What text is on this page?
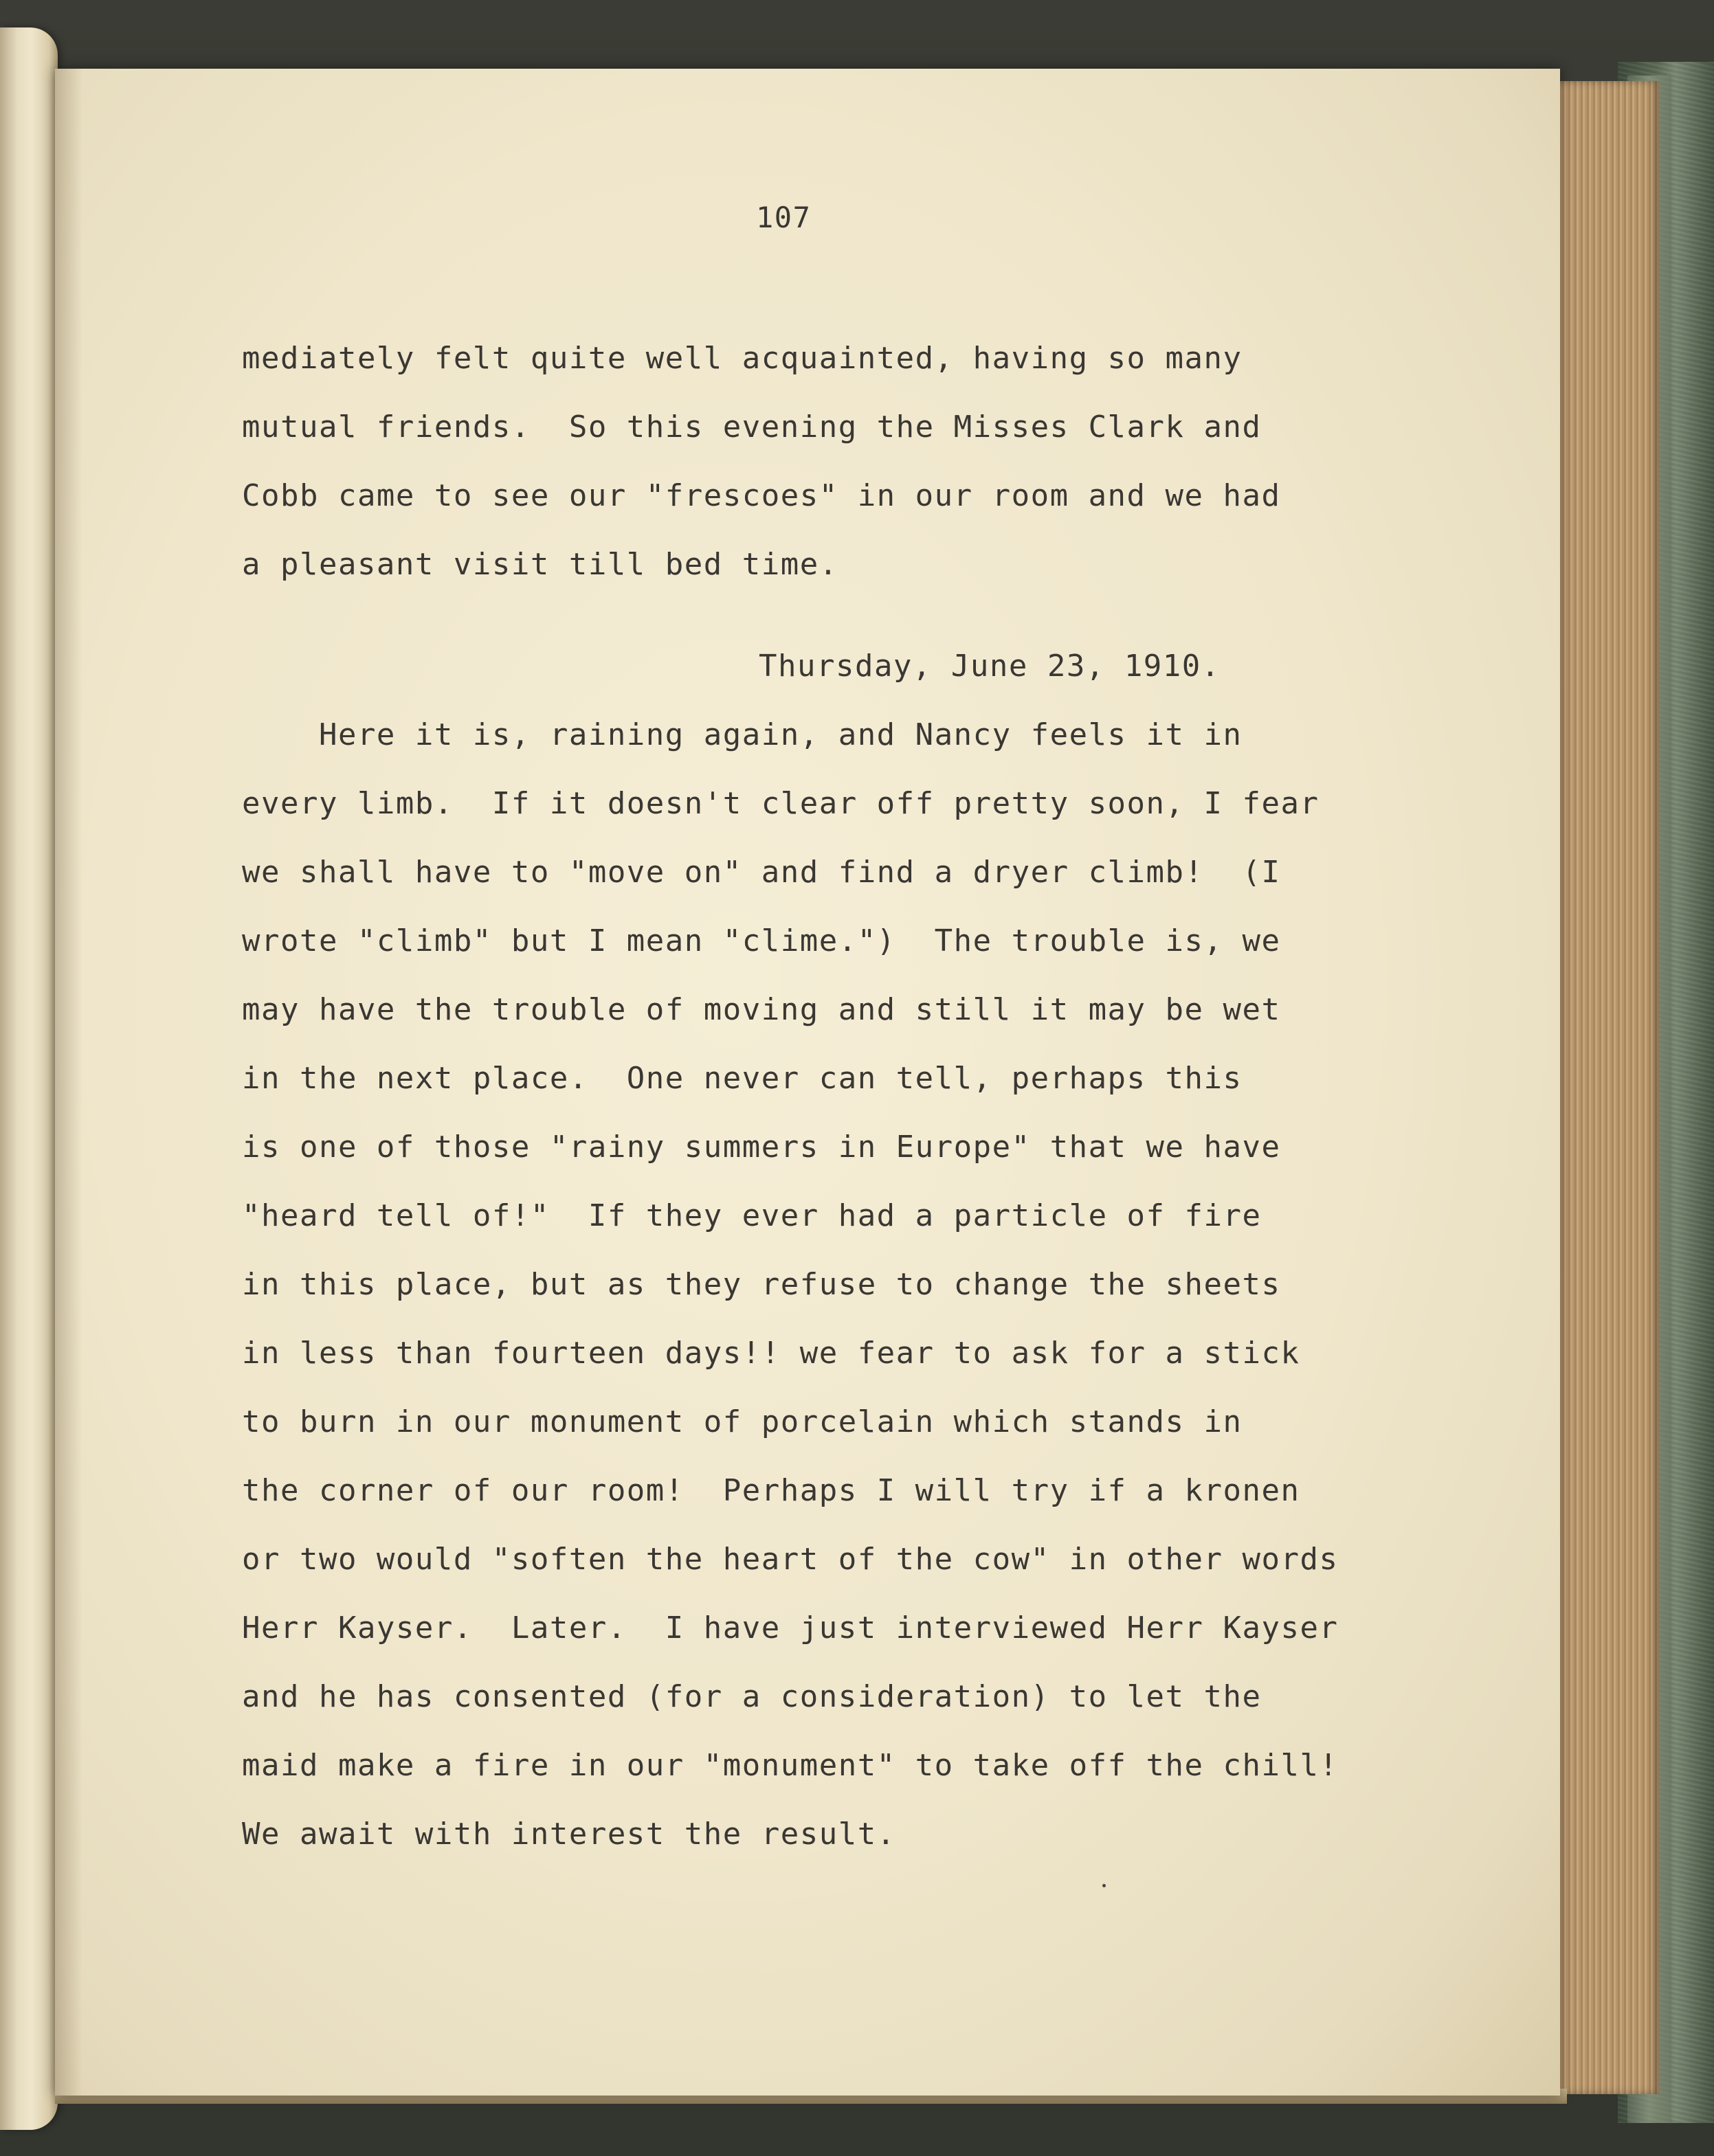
107
mediately felt quite well acquainted, having so many
mutual friends.  So this evening the Misses Clark and
Cobb came to see our "frescoes" in our room and we had
a pleasant visit till bed time.
Thursday, June 23, 1910.
Here it is, raining again, and Nancy feels it in
every limb.  If it doesn't clear off pretty soon, I fear
we shall have to "move on" and find a dryer climb!  (I
wrote "climb" but I mean "clime.")  The trouble is, we
may have the trouble of moving and still it may be wet
in the next place.  One never can tell, perhaps this
is one of those "rainy summers in Europe" that we have
"heard tell of!"  If they ever had a particle of fire
in this place, but as they refuse to change the sheets
in less than fourteen days!! we fear to ask for a stick
to burn in our monument of porcelain which stands in
the corner of our room!  Perhaps I will try if a kronen
or two would "soften the heart of the cow" in other words
Herr Kayser.  Later.  I have just interviewed Herr Kayser
and he has consented (for a consideration) to let the
maid make a fire in our "monument" to take off the chill!
We await with interest the result.
